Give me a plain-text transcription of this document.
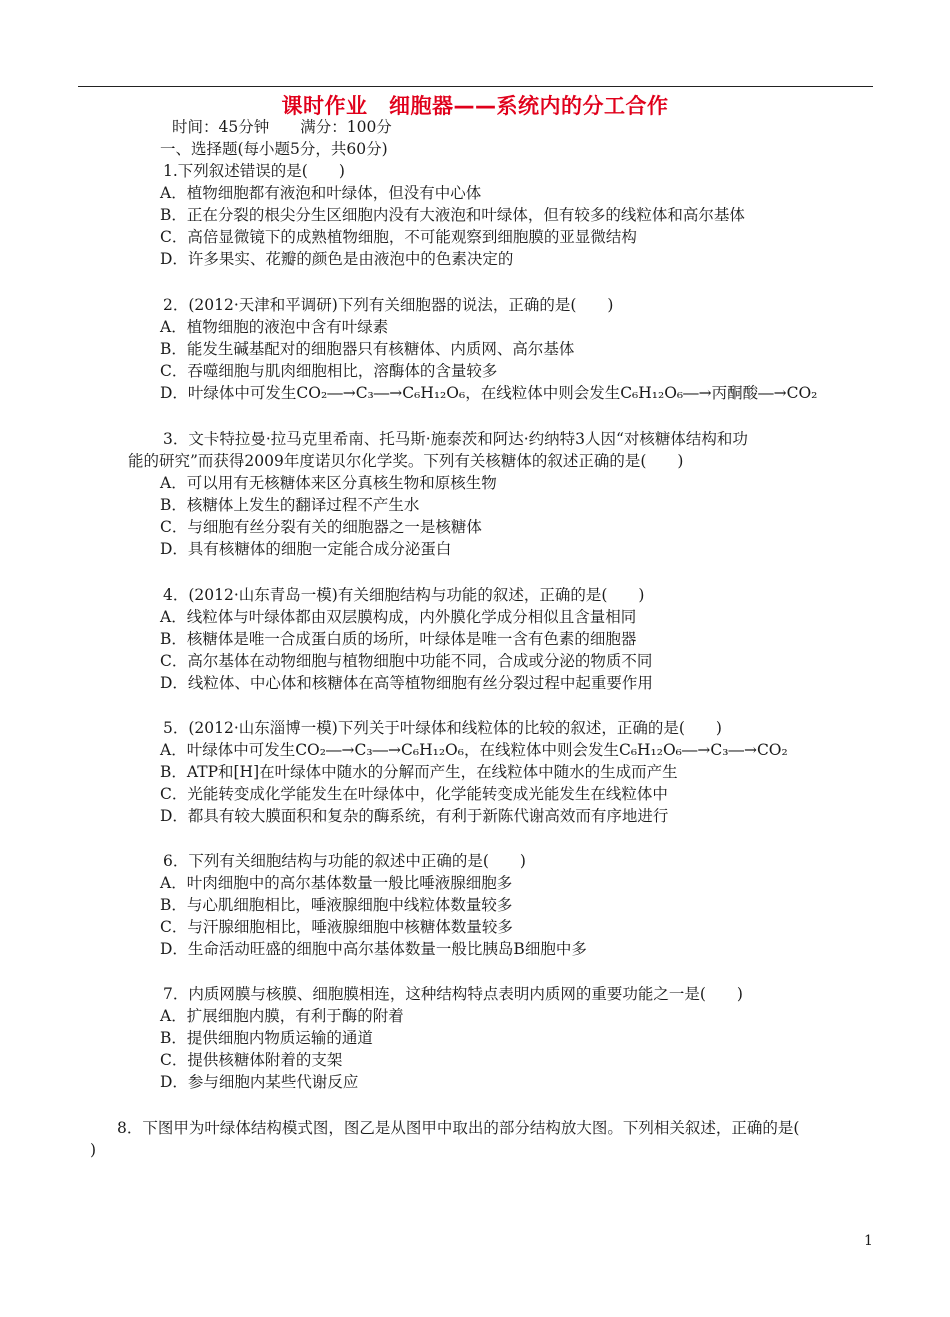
课时作业　细胞器——系统内的分工合作
时间：45分钟　　满分：100分
一、选择题(每小题5分，共60分)
1.下列叙述错误的是(　　)
A．植物细胞都有液泡和叶绿体，但没有中心体
B．正在分裂的根尖分生区细胞内没有大液泡和叶绿体，但有较多的线粒体和高尔基体
C．高倍显微镜下的成熟植物细胞，不可能观察到细胞膜的亚显微结构
D．许多果实、花瓣的颜色是由液泡中的色素决定的
2．(2012·天津和平调研)下列有关细胞器的说法，正确的是(　　)
A．植物细胞的液泡中含有叶绿素
B．能发生碱基配对的细胞器只有核糖体、内质网、高尔基体
C．吞噬细胞与肌肉细胞相比，溶酶体的含量较多
D．叶绿体中可发生CO₂―→C₃―→C₆H₁₂O₆，在线粒体中则会发生C₆H₁₂O₆―→丙酮酸―→CO₂
3．文卡特拉曼·拉马克里希南、托马斯·施泰茨和阿达·约纳特3人因“对核糖体结构和功
能的研究”而获得2009年度诺贝尔化学奖。下列有关核糖体的叙述正确的是(　　)
A．可以用有无核糖体来区分真核生物和原核生物
B．核糖体上发生的翻译过程不产生水
C．与细胞有丝分裂有关的细胞器之一是核糖体
D．具有核糖体的细胞一定能合成分泌蛋白
4．(2012·山东青岛一模)有关细胞结构与功能的叙述，正确的是(　　)
A．线粒体与叶绿体都由双层膜构成，内外膜化学成分相似且含量相同
B．核糖体是唯一合成蛋白质的场所，叶绿体是唯一含有色素的细胞器
C．高尔基体在动物细胞与植物细胞中功能不同，合成或分泌的物质不同
D．线粒体、中心体和核糖体在高等植物细胞有丝分裂过程中起重要作用
5．(2012·山东淄博一模)下列关于叶绿体和线粒体的比较的叙述，正确的是(　　)
A．叶绿体中可发生CO₂―→C₃―→C₆H₁₂O₆，在线粒体中则会发生C₆H₁₂O₆―→C₃―→CO₂
B．ATP和[H]在叶绿体中随水的分解而产生，在线粒体中随水的生成而产生
C．光能转变成化学能发生在叶绿体中，化学能转变成光能发生在线粒体中
D．都具有较大膜面积和复杂的酶系统，有利于新陈代谢高效而有序地进行
6．下列有关细胞结构与功能的叙述中正确的是(　　)
A．叶肉细胞中的高尔基体数量一般比唾液腺细胞多
B．与心肌细胞相比，唾液腺细胞中线粒体数量较多
C．与汗腺细胞相比，唾液腺细胞中核糖体数量较多
D．生命活动旺盛的细胞中高尔基体数量一般比胰岛B细胞中多
7．内质网膜与核膜、细胞膜相连，这种结构特点表明内质网的重要功能之一是(　　)
A．扩展细胞内膜，有利于酶的附着
B．提供细胞内物质运输的通道
C．提供核糖体附着的支架
D．参与细胞内某些代谢反应
8．下图甲为叶绿体结构模式图，图乙是从图甲中取出的部分结构放大图。下列相关叙述，正确的是(
)
1
